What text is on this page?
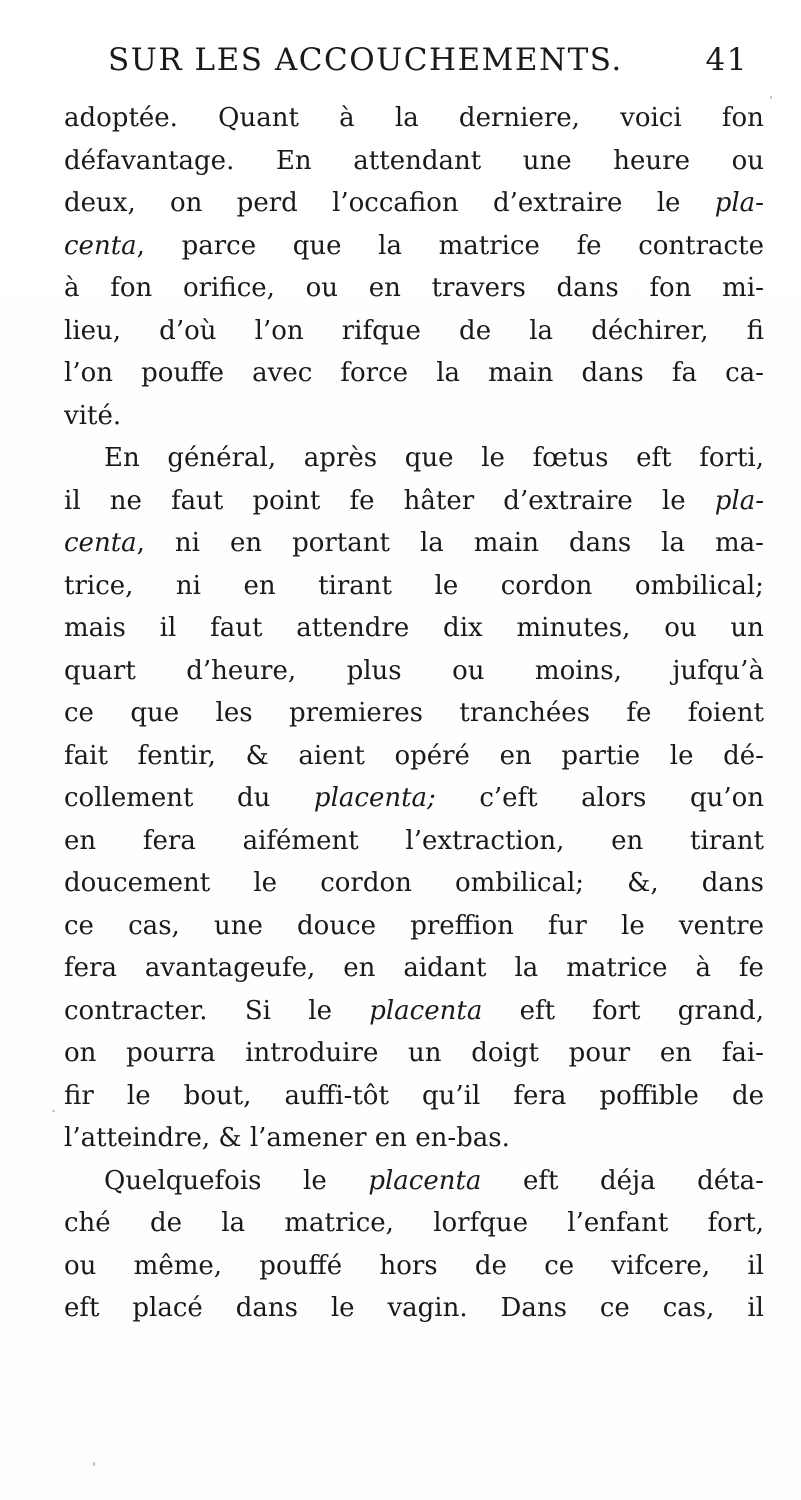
SUR LES ACCOUCHEMENTS.	41
adoptée. Quant à la derniere, voici fon
défavantage. En attendant une heure ou
deux, on perd l’occafion d’extraire le pla-
centa, parce que la matrice fe contracte
à fon orifice, ou en travers dans fon mi-
lieu, d’où l’on rifque de la déchirer, fi
l’on pouffe avec force la main dans fa ca-
vité.
En général, après que le fœtus eft forti,
il ne faut point fe hâter d’extraire le pla-
centa, ni en portant la main dans la ma-
trice, ni en tirant le cordon ombilical;
mais il faut attendre dix minutes, ou un
quart d’heure, plus ou moins, jufqu’à
ce que les premieres tranchées fe foient
fait fentir, & aient opéré en partie le dé-
collement du placenta; c’eft alors qu’on
en fera aifément l’extraction, en tirant
doucement le cordon ombilical; &, dans
ce cas, une douce preffion fur le ventre
fera avantageufe, en aidant la matrice à fe
contracter. Si le placenta eft fort grand,
on pourra introduire un doigt pour en fai-
fir le bout, auffi-tôt qu’il fera poffible de
l’atteindre,
&
l’amener
en
en-bas.
Quelquefois le placenta eft déja déta-
ché de la matrice, lorfque l’enfant fort,
ou même, pouffé hors de ce vifcere, il
eft placé dans le vagin. Dans ce cas, il
